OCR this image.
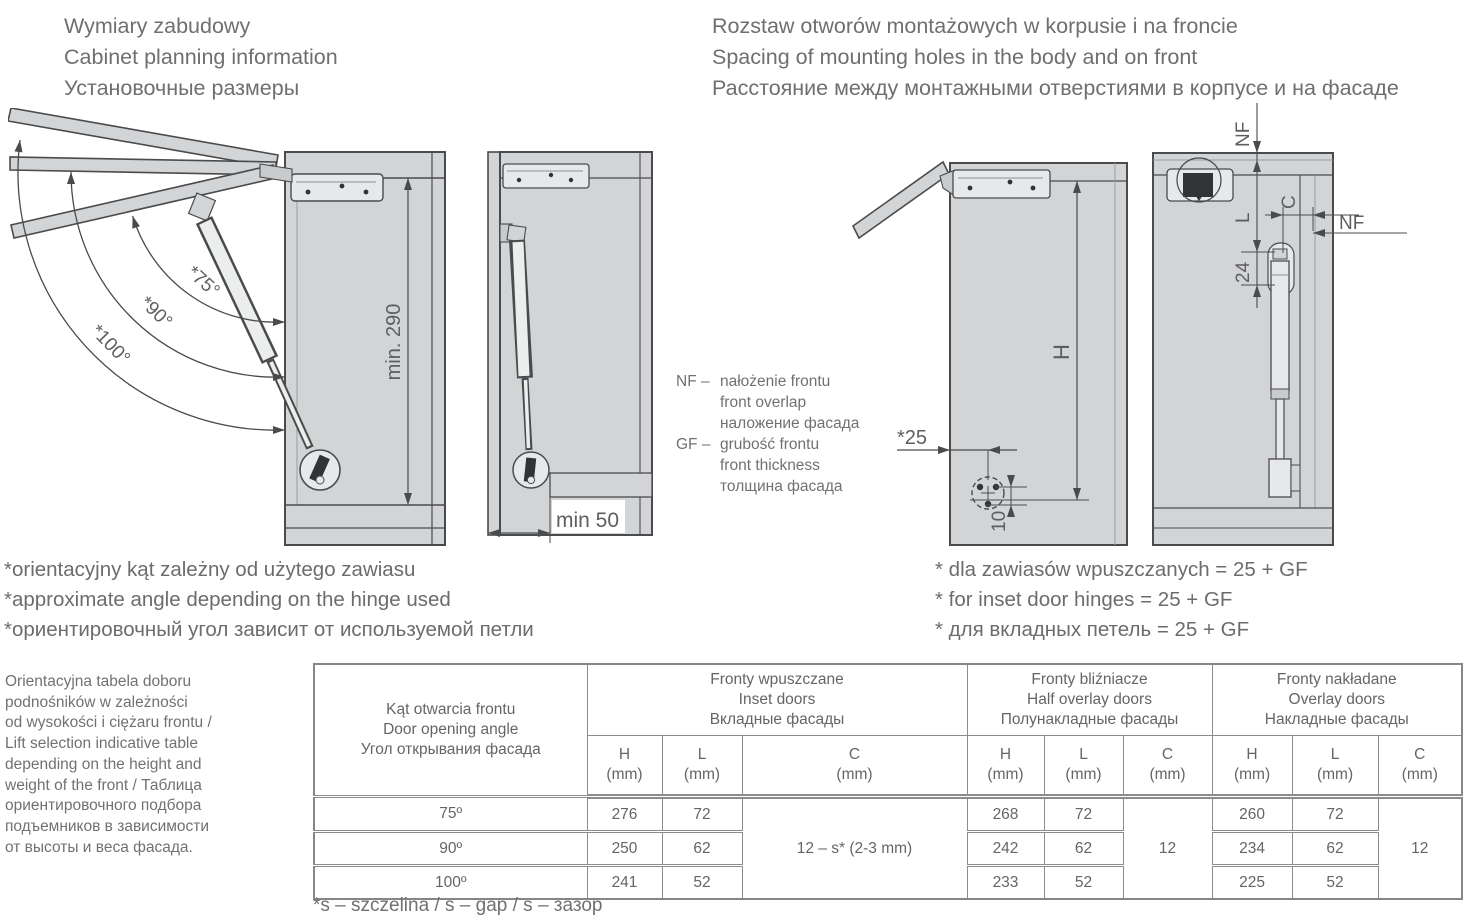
Wymiary zabudowy
Cabinet planning information
Установочные размеры
Rozstaw otworów montażowych w korpusie i na froncie
Spacing of mounting holes in the body and on front
Расстояние между монтажными отверстиями в корпусе и на фасаде
*75°
*90°
*100°	min. 290
min 50
NF – nałożenie frontu
front overlap
наложение фасада
GF – grubość frontu
front thickness
толщина фасада
H
*25
10
NF
L
24
C
NF
*orientacyjny kąt zależny od użytego zawiasu
*approximate angle depending on the hinge used
*ориентировочный угол зависит от используемой петли
* dla zawiasów wpuszczanych = 25 + GF
* for inset door hinges = 25 + GF
* для вкладных петель = 25 + GF
Orientacyjna tabela doboru
podnośników w zależności
od wysokości i ciężaru frontu /
Lift selection indicative table
depending on the height and
weight of the front / Таблица
ориентировочного подбора
подъемников в зависимости
от высоты и веса фасада.
Kąt otwarcia frontu
Door opening angle
Угол открывания фасада

Fronty wpuszczane
Inset doors
Вкладные фасады

Fronty bliźniacze
Half overlay doors
Полунакладные фасады

Fronty nakładane
Overlay doors
Накладные фасады

H
(mm)

L
(mm)

C
(mm)

H
(mm)

L
(mm)

C
(mm)

H
(mm)

L
(mm)

C
(mm)

75º	276	72	12 – s* (2-3 mm)	268	72	12	260	72	12
90º	250	62		242	62		234	62	
100º	241	52		233	52		225	52	
*s – szczelina / s – gap / s – зазор
